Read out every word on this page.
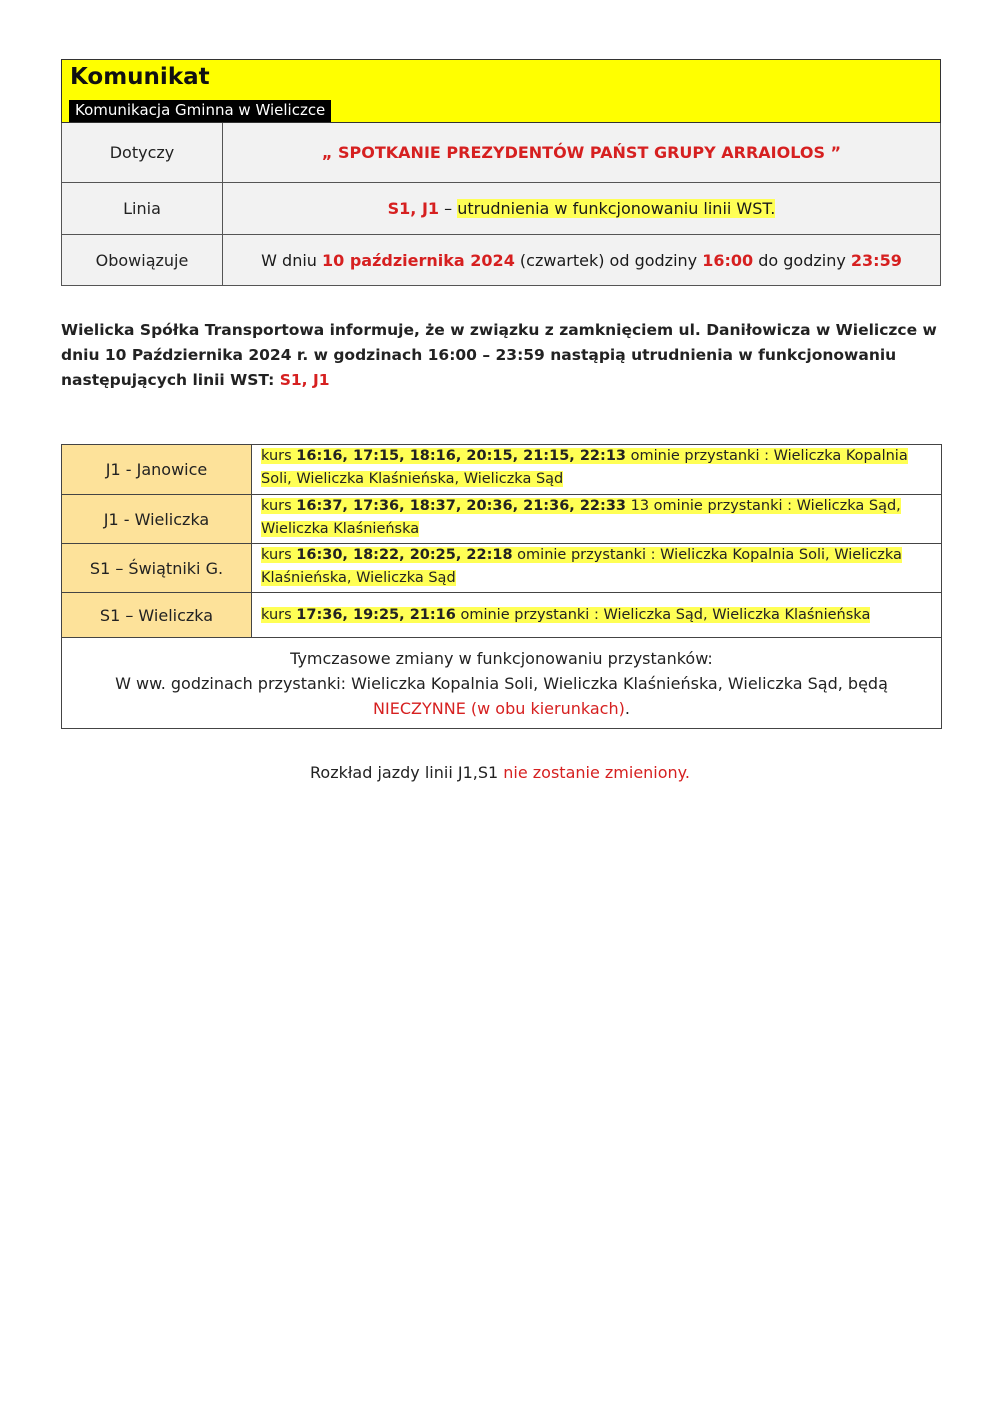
Komunikat
Komunikacja Gminna w Wieliczce	

Dotyczy	„ SPOTKANIE PREZYDENTÓW PAŃST GRUPY ARRAIOLOS ”
Linia	S1, J1 – utrudnienia w funkcjonowaniu linii WST.
Obowiązuje	W dniu 10 października 2024 (czwartek) od godziny 16:00 do godziny 23:59
Wielicka Spółka Transportowa informuje, że w związku z zamknięciem ul. Daniłowicza w Wieliczce w dniu 10 Października 2024 r. w godzinach 16:00 – 23:59 nastąpią utrudnienia w funkcjonowaniu następujących linii WST: S1, J1
J1 - Janowice	kurs 16:16, 17:15, 18:16, 20:15, 21:15, 22:13 ominie przystanki : Wieliczka Kopalnia Soli, Wieliczka Klaśnieńska, Wieliczka Sąd
J1 - Wieliczka	kurs 16:37, 17:36, 18:37, 20:36, 21:36, 22:33 13 ominie przystanki : Wieliczka Sąd, Wieliczka Klaśnieńska
S1 – Świątniki G.	kurs 16:30, 18:22, 20:25, 22:18 ominie przystanki : Wieliczka Kopalnia Soli, Wieliczka Klaśnieńska, Wieliczka Sąd
S1 – Wieliczka	kurs 17:36, 19:25, 21:16 ominie przystanki : Wieliczka Sąd, Wieliczka Klaśnieńska

Tymczasowe zmiany w funkcjonowaniu przystanków:
W ww. godzinach przystanki: Wieliczka Kopalnia Soli, Wieliczka Klaśnieńska, Wieliczka Sąd, będą
NIECZYNNE (w obu kierunkach).	
Rozkład jazdy linii J1,S1 nie zostanie zmieniony.
